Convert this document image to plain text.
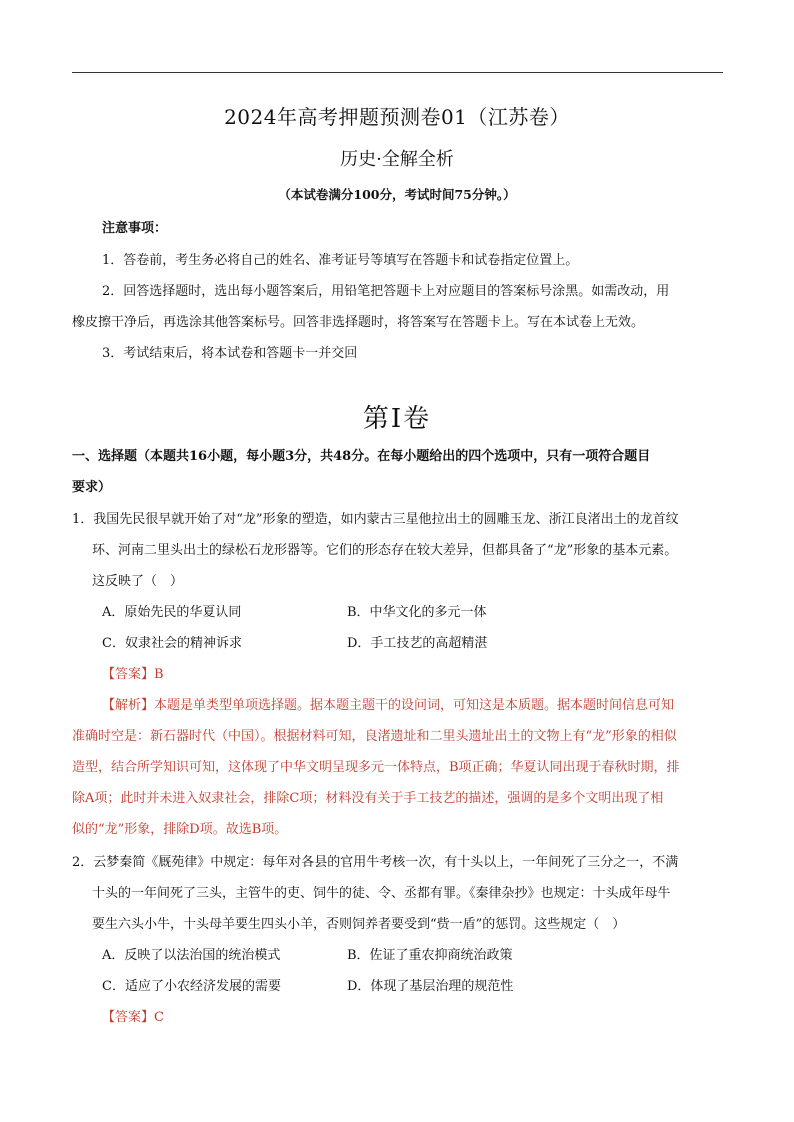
2024年高考押题预测卷01（江苏卷）
历史·全解全析
（本试卷满分100分，考试时间75分钟。）
注意事项：
1．答卷前，考生务必将自己的姓名、准考证号等填写在答题卡和试卷指定位置上。
2．回答选择题时，选出每小题答案后，用铅笔把答题卡上对应题目的答案标号涂黑。如需改动，用
橡皮擦干净后，再选涂其他答案标号。回答非选择题时，将答案写在答题卡上。写在本试卷上无效。
3．考试结束后，将本试卷和答题卡一并交回
第Ⅰ卷
一、选择题（本题共16小题，每小题3分，共48分。在每小题给出的四个选项中，只有一项符合题目
要求）
1．我国先民很早就开始了对“龙”形象的塑造，如内蒙古三星他拉出土的圆雕玉龙、浙江良渚出土的龙首纹
环、河南二里头出土的绿松石龙形器等。它们的形态存在较大差异，但都具备了“龙”形象的基本元素。
这反映了（　）
A．原始先民的华夏认同	B．中华文化的多元一体
C．奴隶社会的精神诉求	D．手工技艺的高超精湛
【答案】B
【解析】本题是单类型单项选择题。据本题主题干的设问词，可知这是本质题。据本题时间信息可知
准确时空是：新石器时代（中国）。根据材料可知，良渚遗址和二里头遗址出土的文物上有“龙”形象的相似
造型，结合所学知识可知，这体现了中华文明呈现多元一体特点，B项正确；华夏认同出现于春秋时期，排
除A项；此时并未进入奴隶社会，排除C项；材料没有关于手工技艺的描述，强调的是多个文明出现了相
似的“龙”形象，排除D项。故选B项。
2．云梦秦简《厩苑律》中规定：每年对各县的官用牛考核一次，有十头以上，一年间死了三分之一，不满
十头的一年间死了三头，主管牛的吏、饲牛的徒、令、丞都有罪。《秦律杂抄》也规定：十头成年母牛
要生六头小牛，十头母羊要生四头小羊，否则饲养者要受到“赀一盾”的惩罚。这些规定（　）
A．反映了以法治国的统治模式	B．佐证了重农抑商统治政策
C．适应了小农经济发展的需要	D．体现了基层治理的规范性
【答案】C
